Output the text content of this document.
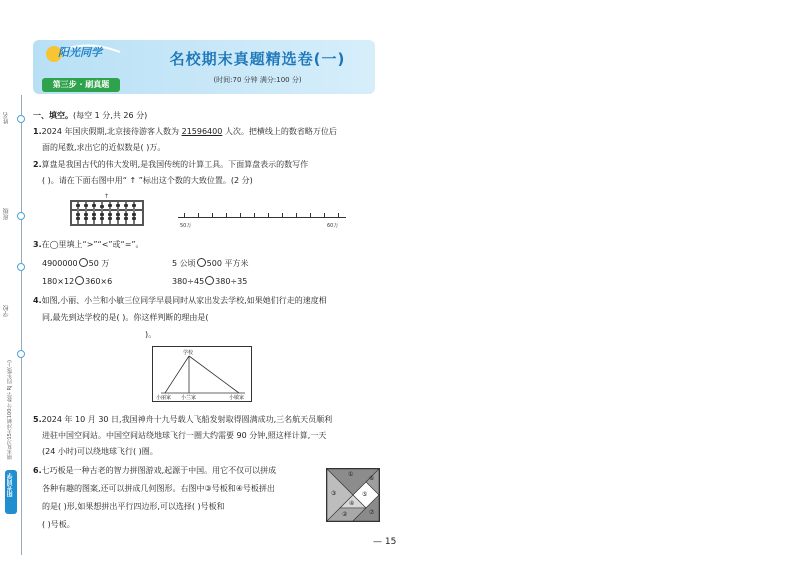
姓名
班级
学校
期末复习15天冲刺100分 数学 RJ 四年级(上)
阳光同学
阳光同学
第三步 · 刷真题
名校期末真题精选卷(一)
(时间:70 分钟 满分:100 分)
一、填空。(每空 1 分,共 26 分)
1.2024 年国庆假期,北京接待游客人数为 21596400 人次。把横线上的数省略万位后
面的尾数,求出它的近似数是( )万。
2.算盘是我国古代的伟大发明,是我国传统的计算工具。下面算盘表示的数写作
( )。请在下面右图中用“ ↑ ”标出这个数的大致位置。(2 分)
↑
50万	60万
3.在◯里填上“>”“<”或“=”。
4900000 50 万	5 公顷 500 平方米
180×12 360×6	380÷45 380÷35
4.如图,小丽、小兰和小敏三位同学早晨同时从家出发去学校,如果她们行走的速度相
同,最先到达学校的是( )。你这样判断的理由是(
)。
学校
小丽家 小兰家	小敏家
5.2024 年 10 月 30 日,我国神舟十九号载人飞船发射取得圆满成功,三名航天员顺利
进驻中国空间站。中国空间站绕地球飞行一圈大约需要 90 分钟,照这样计算,一天
(24 小时)可以绕地球飞行( )圈。
6.七巧板是一种古老的智力拼图游戏,起源于中国。用它不仅可以拼成
各种有趣的图案,还可以拼成几何图形。右图中③号板和④号板拼出
的是( )形,如果想拼出平行四边形,可以选择( )号板和
( )号板。
①
③
⑥
⑤
④
②	⑦
— 15
